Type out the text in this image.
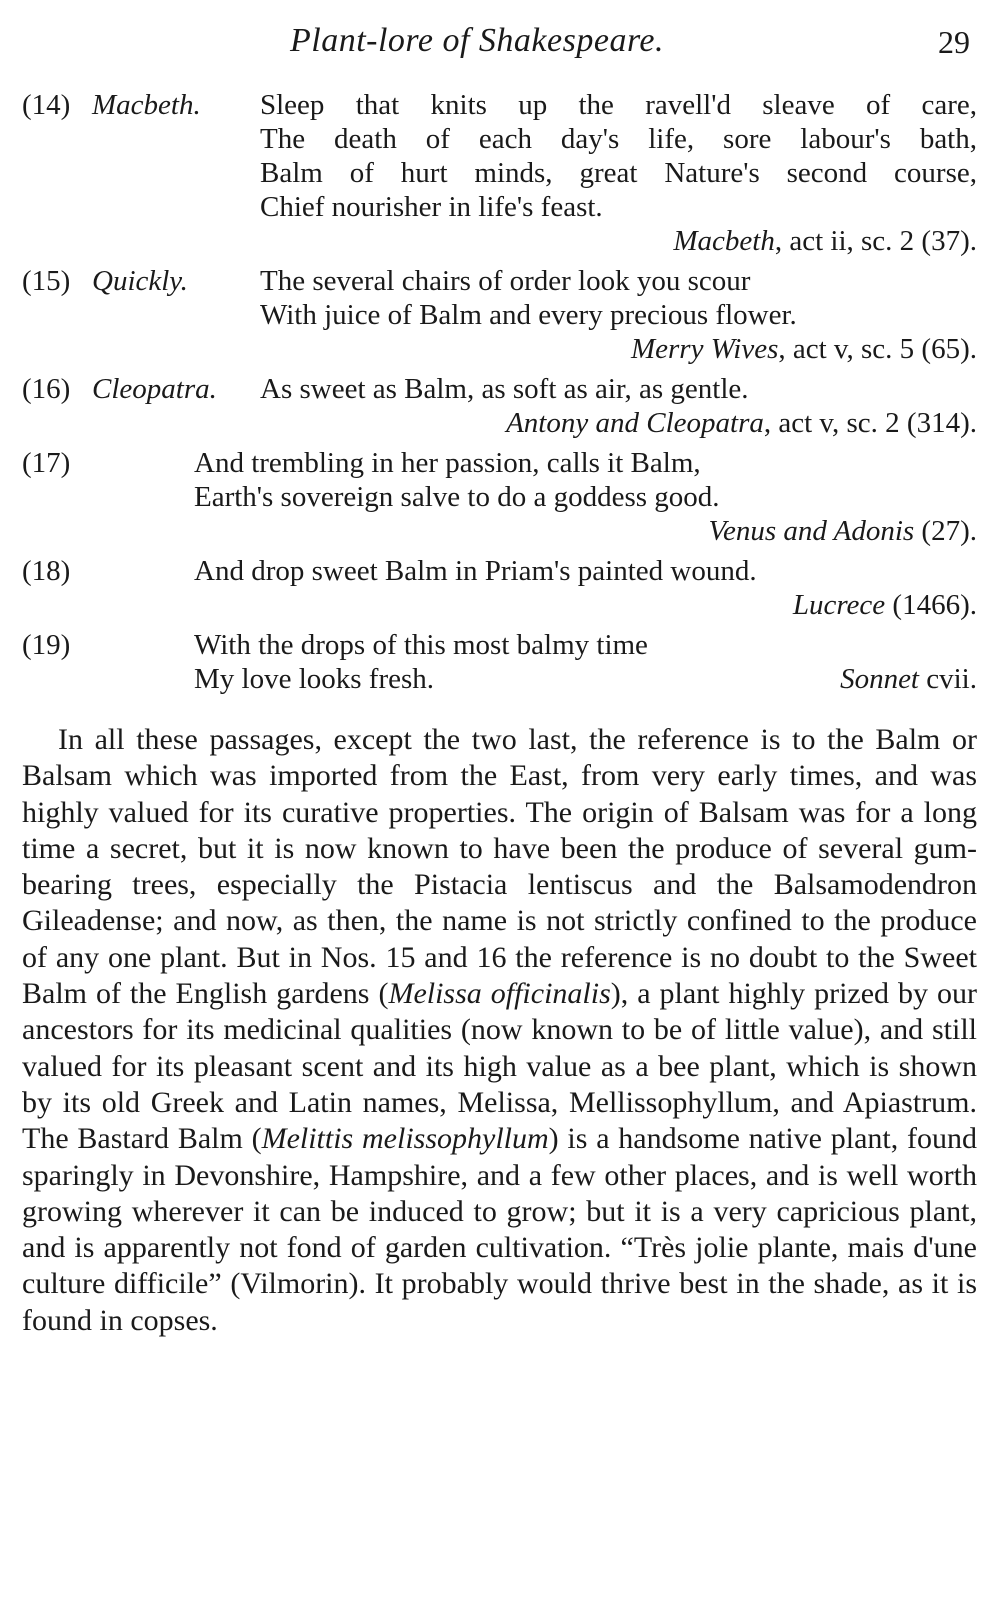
Plant-lore of Shakespeare.	29
(14) Macbeth. Sleep that knits up the ravell'd sleave of care,
The death of each day's life, sore labour's bath,
Balm of hurt minds, great Nature's second course,
Chief nourisher in life's feast.
Macbeth, act ii, sc. 2 (37).
(15) Quickly. The several chairs of order look you scour
With juice of Balm and every precious flower.
Merry Wives, act v, sc. 5 (65).
(16) Cleopatra. As sweet as Balm, as soft as air, as gentle.
Antony and Cleopatra, act v, sc. 2 (314).
(17)	And trembling in her passion, calls it Balm,
Earth's sovereign salve to do a goddess good.
Venus and Adonis (27).
(18)	And drop sweet Balm in Priam's painted wound.
Lucrece (1466).
(19)	With the drops of this most balmy time
My love looks fresh.	Sonnet cvii.

In all these passages, except the two last, the reference is to the Balm or Balsam which was imported from the East, from very early times, and was highly valued for its curative properties. The origin of Balsam was for a long time a secret, but it is now known to have been the produce of several gum-bearing trees, especially the Pistacia lentiscus and the Balsamodendron Gileadense; and now, as then, the name is not strictly confined to the produce of any one plant. But in Nos. 15 and 16 the reference is no doubt to the Sweet Balm of the English gardens (Melissa officinalis), a plant highly prized by our ancestors for its medicinal qualities (now known to be of little value), and still valued for its pleasant scent and its high value as a bee plant, which is shown by its old Greek and Latin names, Melissa, Mellissophyllum, and Apiastrum. The Bastard Balm (Melittis melissophyllum) is a handsome native plant, found sparingly in Devonshire, Hampshire, and a few other places, and is well worth growing wherever it can be induced to grow; but it is a very capricious plant, and is apparently not fond of garden cultivation. “Très jolie plante, mais d'une culture difficile” (Vilmorin). It probably would thrive best in the shade, as it is found in copses.
